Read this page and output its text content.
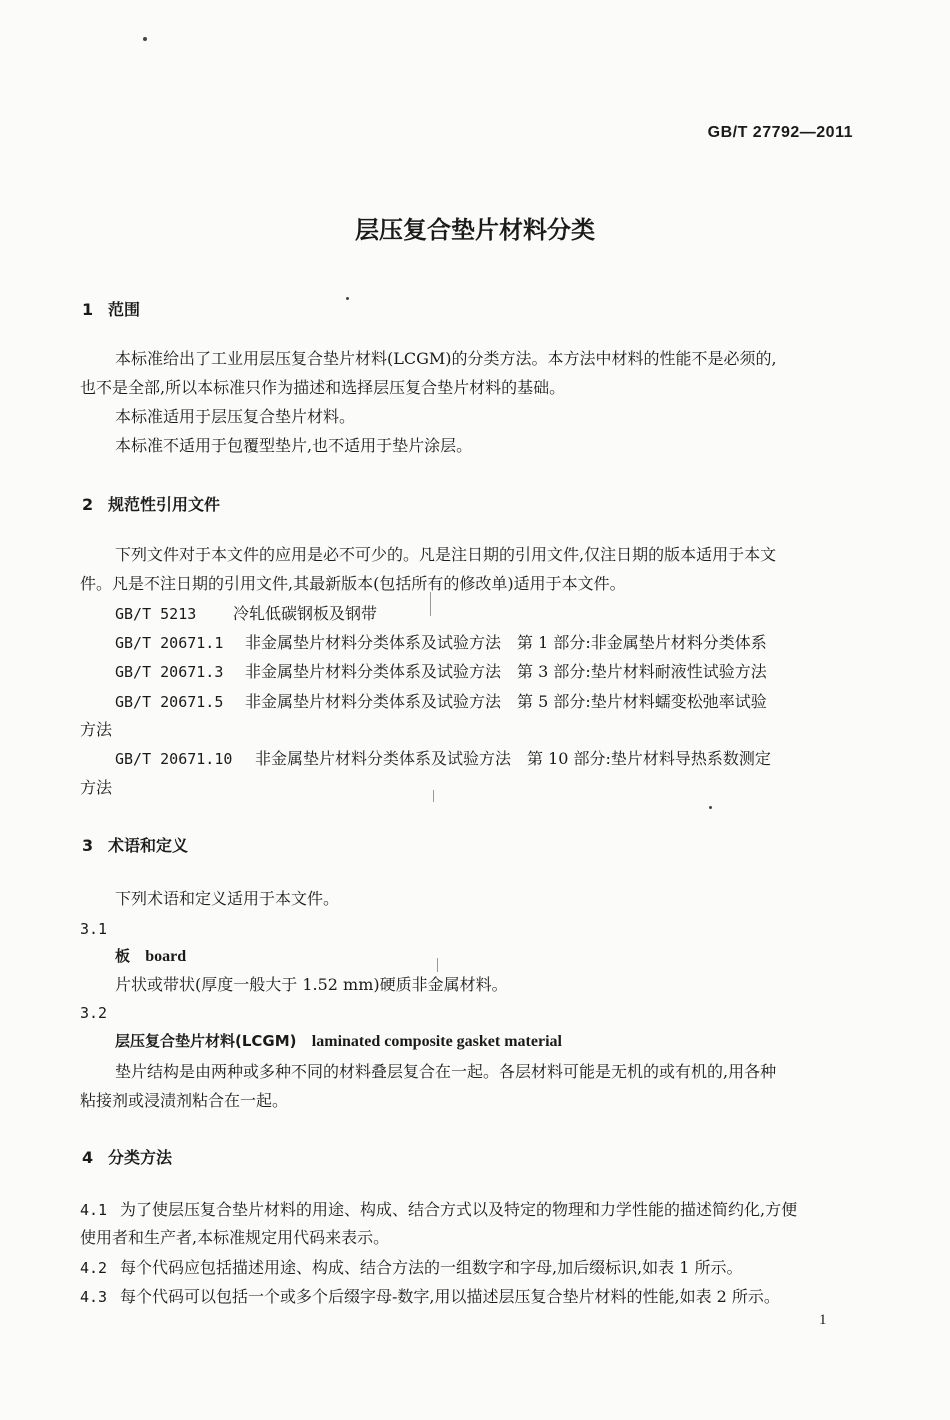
GB/T 27792—2011
层压复合垫片材料分类
1 范围
本标准给出了工业用层压复合垫片材料(LCGM)的分类方法。本方法中材料的性能不是必须的,
也不是全部,所以本标准只作为描述和选择层压复合垫片材料的基础。
本标准适用于层压复合垫片材料。
本标准不适用于包覆型垫片,也不适用于垫片涂层。
2 规范性引用文件
下列文件对于本文件的应用是必不可少的。凡是注日期的引用文件,仅注日期的版本适用于本文
件。凡是不注日期的引用文件,其最新版本(包括所有的修改单)适用于本文件。
GB/T 5213 冷轧低碳钢板及钢带
GB/T 20671.1 非金属垫片材料分类体系及试验方法　第 1 部分:非金属垫片材料分类体系
GB/T 20671.3 非金属垫片材料分类体系及试验方法　第 3 部分:垫片材料耐液性试验方法
GB/T 20671.5 非金属垫片材料分类体系及试验方法　第 5 部分:垫片材料蠕变松弛率试验
方法
GB/T 20671.10 非金属垫片材料分类体系及试验方法　第 10 部分:垫片材料导热系数测定
方法
3 术语和定义
下列术语和定义适用于本文件。
3.1
板 board
片状或带状(厚度一般大于 1.52 mm)硬质非金属材料。
3.2
层压复合垫片材料(LCGM) laminated composite gasket material
垫片结构是由两种或多种不同的材料叠层复合在一起。各层材料可能是无机的或有机的,用各种
粘接剂或浸渍剂粘合在一起。
4 分类方法
4.1 为了使层压复合垫片材料的用途、构成、结合方式以及特定的物理和力学性能的描述简约化,方便
使用者和生产者,本标准规定用代码来表示。
4.2 每个代码应包括描述用途、构成、结合方法的一组数字和字母,加后缀标识,如表 1 所示。
4.3 每个代码可以包括一个或多个后缀字母-数字,用以描述层压复合垫片材料的性能,如表 2 所示。
1
